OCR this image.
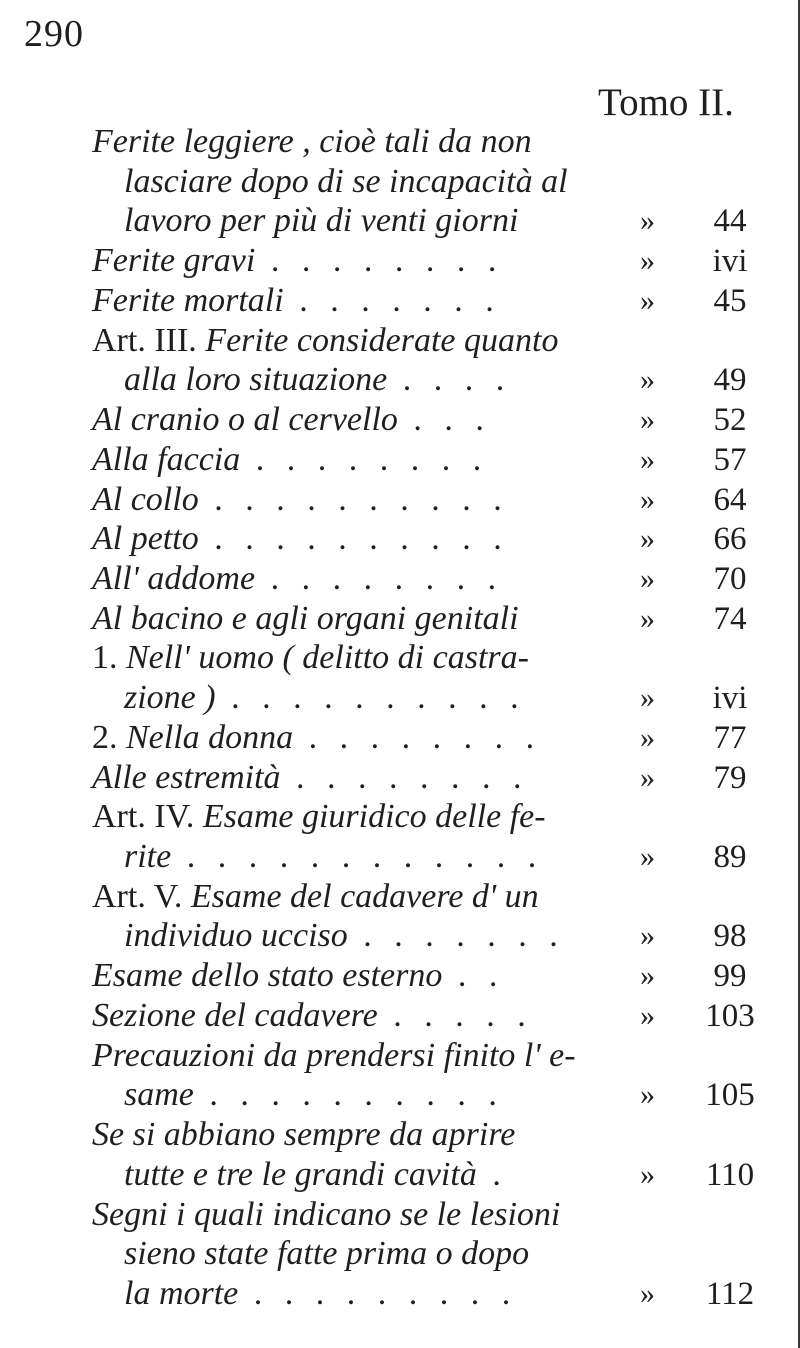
290
Tomo II.
Ferite leggiere , cioè tali da non
lasciare dopo di se incapacità al
lavoro per più di venti giorni	»	44
Ferite gravi . . . . . . . .	»	ivi
Ferite mortali . . . . . . .	»	45
Art. III. Ferite considerate quanto
alla loro situazione . . . .	»	49
Al cranio o al cervello . . .	»	52
Alla faccia . . . . . . . .	»	57
Al collo . . . . . . . . . .	»	64
Al petto . . . . . . . . . .	»	66
All' addome . . . . . . . .	»	70
Al bacino e agli organi genitali	»	74
1. Nell' uomo ( delitto di castra-
zione ) . . . . . . . . . .	»	ivi
2. Nella donna . . . . . . . .	»	77
Alle estremità . . . . . . . .	»	79
Art. IV. Esame giuridico delle fe-
rite . . . . . . . . . . . .	»	89
Art. V. Esame del cadavere d' un
individuo ucciso . . . . . . .	»	98
Esame dello stato esterno . .	»	99
Sezione del cadavere . . . . .	»	103
Precauzioni da prendersi finito l' e-
same . . . . . . . . . .	»	105
Se si abbiano sempre da aprire
tutte e tre le grandi cavità .	»	110
Segni i quali indicano se le lesioni
sieno state fatte prima o dopo
la morte . . . . . . . . .	»	112
